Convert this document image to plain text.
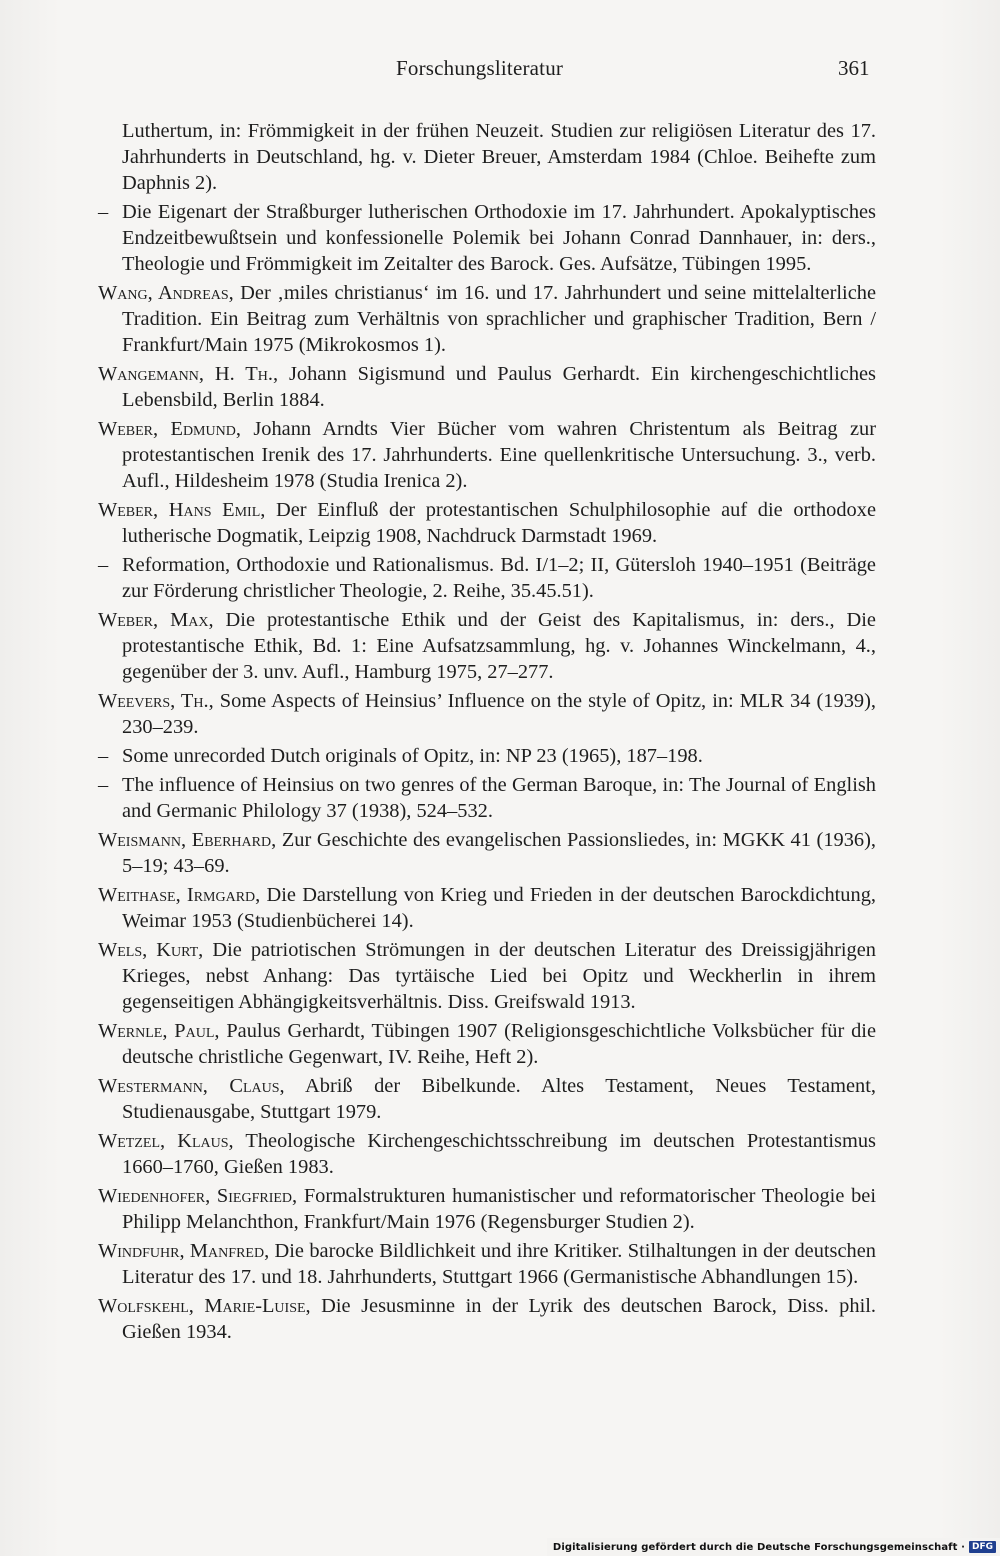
Forschungsliteratur	361
Luthertum, in: Frömmigkeit in der frühen Neuzeit. Studien zur religiösen Literatur des 17. Jahrhunderts in Deutschland, hg. v. Dieter Breuer, Amsterdam 1984 (Chloe. Beihefte zum Daphnis 2).
– Die Eigenart der Straßburger lutherischen Orthodoxie im 17. Jahrhundert. Apokalyptisches Endzeitbewußtsein und konfessionelle Polemik bei Johann Conrad Dannhauer, in: ders., Theologie und Frömmigkeit im Zeitalter des Barock. Ges. Aufsätze, Tübingen 1995.
Wang, Andreas, Der ‚miles christianus‘ im 16. und 17. Jahrhundert und seine mittelalterliche Tradition. Ein Beitrag zum Verhältnis von sprachlicher und graphischer Tradition, Bern / Frankfurt/Main 1975 (Mikrokosmos 1).
Wangemann, H. Th., Johann Sigismund und Paulus Gerhardt. Ein kirchengeschichtliches Lebensbild, Berlin 1884.
Weber, Edmund, Johann Arndts Vier Bücher vom wahren Christentum als Beitrag zur protestantischen Irenik des 17. Jahrhunderts. Eine quellenkritische Untersuchung. 3., verb. Aufl., Hildesheim 1978 (Studia Irenica 2).
Weber, Hans Emil, Der Einfluß der protestantischen Schulphilosophie auf die orthodoxe lutherische Dogmatik, Leipzig 1908, Nachdruck Darmstadt 1969.
– Reformation, Orthodoxie und Rationalismus. Bd. I/1–2; II, Gütersloh 1940–1951 (Beiträge zur Förderung christlicher Theologie, 2. Reihe, 35.45.51).
Weber, Max, Die protestantische Ethik und der Geist des Kapitalismus, in: ders., Die protestantische Ethik, Bd. 1: Eine Aufsatzsammlung, hg. v. Johannes Winckelmann, 4., gegenüber der 3. unv. Aufl., Hamburg 1975, 27–277.
Weevers, Th., Some Aspects of Heinsius’ Influence on the style of Opitz, in: MLR 34 (1939), 230–239.
– Some unrecorded Dutch originals of Opitz, in: NP 23 (1965), 187–198.
– The influence of Heinsius on two genres of the German Baroque, in: The Journal of English and Germanic Philology 37 (1938), 524–532.
Weismann, Eberhard, Zur Geschichte des evangelischen Passionsliedes, in: MGKK 41 (1936), 5–19; 43–69.
Weithase, Irmgard, Die Darstellung von Krieg und Frieden in der deutschen Barockdichtung, Weimar 1953 (Studienbücherei 14).
Wels, Kurt, Die patriotischen Strömungen in der deutschen Literatur des Dreissigjährigen Krieges, nebst Anhang: Das tyrtäische Lied bei Opitz und Weckherlin in ihrem gegenseitigen Abhängigkeitsverhältnis. Diss. Greifswald 1913.
Wernle, Paul, Paulus Gerhardt, Tübingen 1907 (Religionsgeschichtliche Volksbücher für die deutsche christliche Gegenwart, IV. Reihe, Heft 2).
Westermann, Claus, Abriß der Bibelkunde. Altes Testament, Neues Testament, Studienausgabe, Stuttgart 1979.
Wetzel, Klaus, Theologische Kirchengeschichtsschreibung im deutschen Protestantismus 1660–1760, Gießen 1983.
Wiedenhofer, Siegfried, Formalstrukturen humanistischer und reformatorischer Theologie bei Philipp Melanchthon, Frankfurt/Main 1976 (Regensburger Studien 2).
Windfuhr, Manfred, Die barocke Bildlichkeit und ihre Kritiker. Stilhaltungen in der deutschen Literatur des 17. und 18. Jahrhunderts, Stuttgart 1966 (Germanistische Abhandlungen 15).
Wolfskehl, Marie-Luise, Die Jesusminne in der Lyrik des deutschen Barock, Diss. phil. Gießen 1934.
Digitalisierung gefördert durch die Deutsche Forschungsgemeinschaft · DFG
